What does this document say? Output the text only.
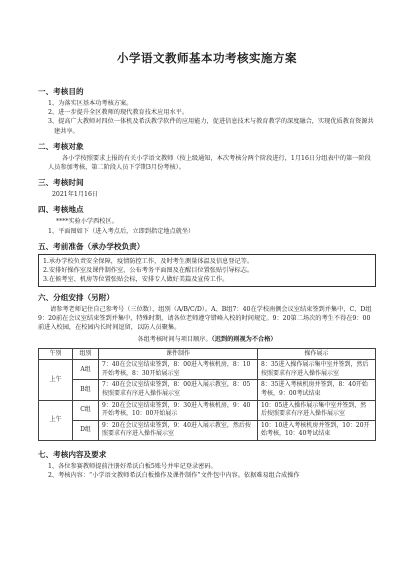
小学语文教师基本功考核实施方案
一、考核目的

1、为落实区基本功考核方案。

2、进一步提升全区教师的现代教育技术应用水平。

3、提高广大教师对四位一体机及希沃教学软件的应用能力，促进信息技术与教育教学的深度融合，实现优质教育资源共建共享。

二、考核对象

各小学按照要求上报的有关小学语文教师（按上级通知，本次考核分两个阶段进行，1月16日分组表中的第一阶段人员参加考核，第二阶段人员下学期3月份考核）。

三、考核时间

2021年1月16日

四、考核地点

****实验小学西校区。

1、平面图如下（进入考点后，立即到指定地点就坐）

五、考前准备（承办学校负责）
1.承办学校负责安全保障，疫情防控工作，及时考生测量体温及信息登记等。
2.安排好操作室及课件制作室，公布考务平面图及在醒目位置张贴引导标志。
3.在候考室、机房等位置张贴会标，安排专人做好美篇及宣传工作。
六、分组安排（另附）

请参考老师记住自己参考号（三位数）、组别（A/B/C/D）。A、B组7：40在学校南侧会议室结束签到并集中，C、D组9：20前在会议室结束签到并集中，特殊时期，请各位老师遵守错峰入校的时间规定。9：20第二场次的考生不得在9：00前进入校园，在校园内长时间逗留，以防人员聚集。

各组考核时间与项目顺序。（迟到的则视为不合格）

午别	组别	课件制作	操作展示
上午	A组	7：40在会议室结束签到，8：00进入考核机房，8：10开始考核，8：30开始展示室	8：35进入操作展示集中室并签到，然后按照要求有序进入操作展示室
	B组	7：40在会议室结束签到，8：00进入展示教室，8：05按照要求有序进入操作展示室	8：35进入考核机房并签到，8：40开始考核，9：00考试结束
上午	C组	9：20在会议室结束签到，9：30进入考核机房，9：40开始考核，10：00开始展示	10：05进入操作展示集中室并签到，然后按照要求有序进入操作展示室
	D组	9：20在会议室结束签到，9：40进入展示教室，然后按照要求有序进入操作展示室	10：10进入考核机房并签到，10：20开始考核，10：40考试结束
七、考核内容及要求

1、各位参赛教师提前注册好希沃白板5账号并牢记登录密码。

2、考核内容：“小学语文教师希沃白板操作及课件制作”文件包中内容。依据难易组合成操作
